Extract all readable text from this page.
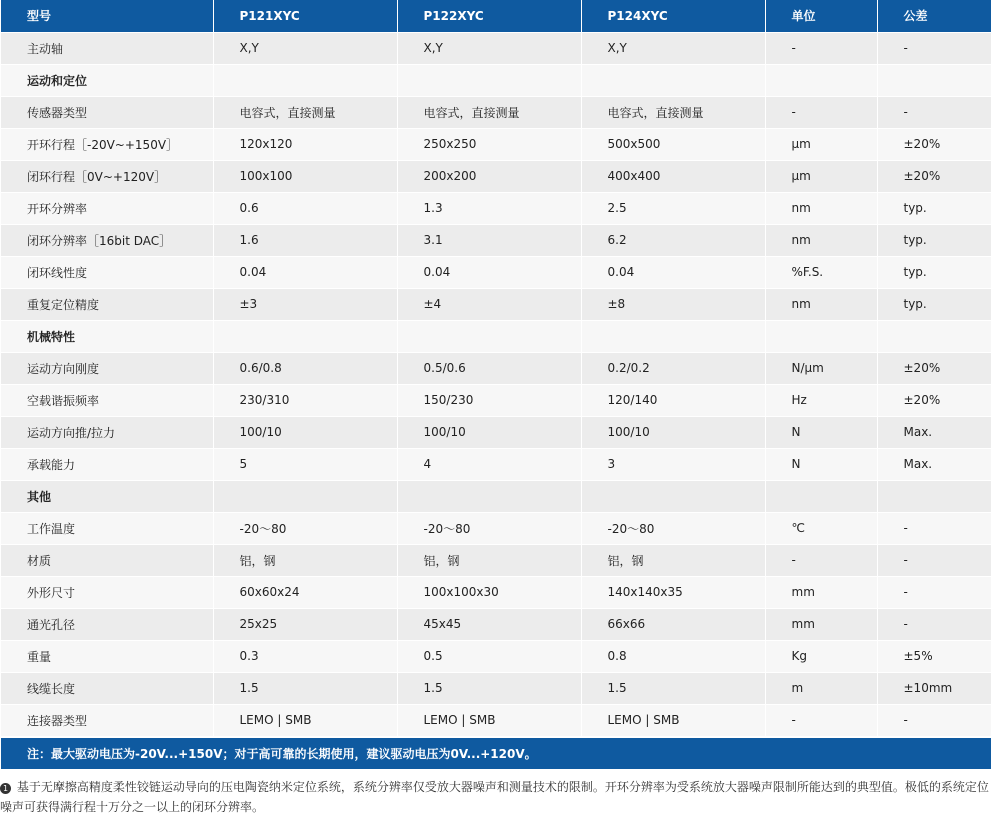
型号	P121XYC	P122XYC	P124XYC	单位	公差
主动轴	X,Y	X,Y	X,Y	-	-
运动和定位					
传感器类型	电容式，直接测量	电容式，直接测量	电容式，直接测量	-	-
开环行程［-20V~+150V］	120x120	250x250	500x500	μm	±20%
闭环行程［0V~+120V］	100x100	200x200	400x400	μm	±20%
开环分辨率	0.6	1.3	2.5	nm	typ.
闭环分辨率［16bit DAC］	1.6	3.1	6.2	nm	typ.
闭环线性度	0.04	0.04	0.04	%F.S.	typ.
重复定位精度	±3	±4	±8	nm	typ.
机械特性					
运动方向刚度	0.6/0.8	0.5/0.6	0.2/0.2	N/μm	±20%
空载谐振频率	230/310	150/230	120/140	Hz	±20%
运动方向推/拉力	100/10	100/10	100/10	N	Max.
承载能力	5	4	3	N	Max.
其他					
工作温度	-20～80	-20～80	-20～80	℃	-
材质	铝，钢	铝，钢	铝，钢	-	-
外形尺寸	60x60x24	100x100x30	140x140x35	mm	-
通光孔径	25x25	45x45	66x66	mm	-
重量	0.3	0.5	0.8	Kg	±5%
线缆长度	1.5	1.5	1.5	m	±10mm
连接器类型	LEMO | SMB	LEMO | SMB	LEMO | SMB	-	-
注：最大驱动电压为-20V...+150V；对于高可靠的长期使用，建议驱动电压为0V...+120V。
1 基于无摩擦高精度柔性铰链运动导向的压电陶瓷纳米定位系统，系统分辨率仅受放大器噪声和测量技术的限制。开环分辨率为受系统放大器噪声限制所能达到的典型值。极低的系统定位噪声可获得满行程十万分之一以上的闭环分辨率。
